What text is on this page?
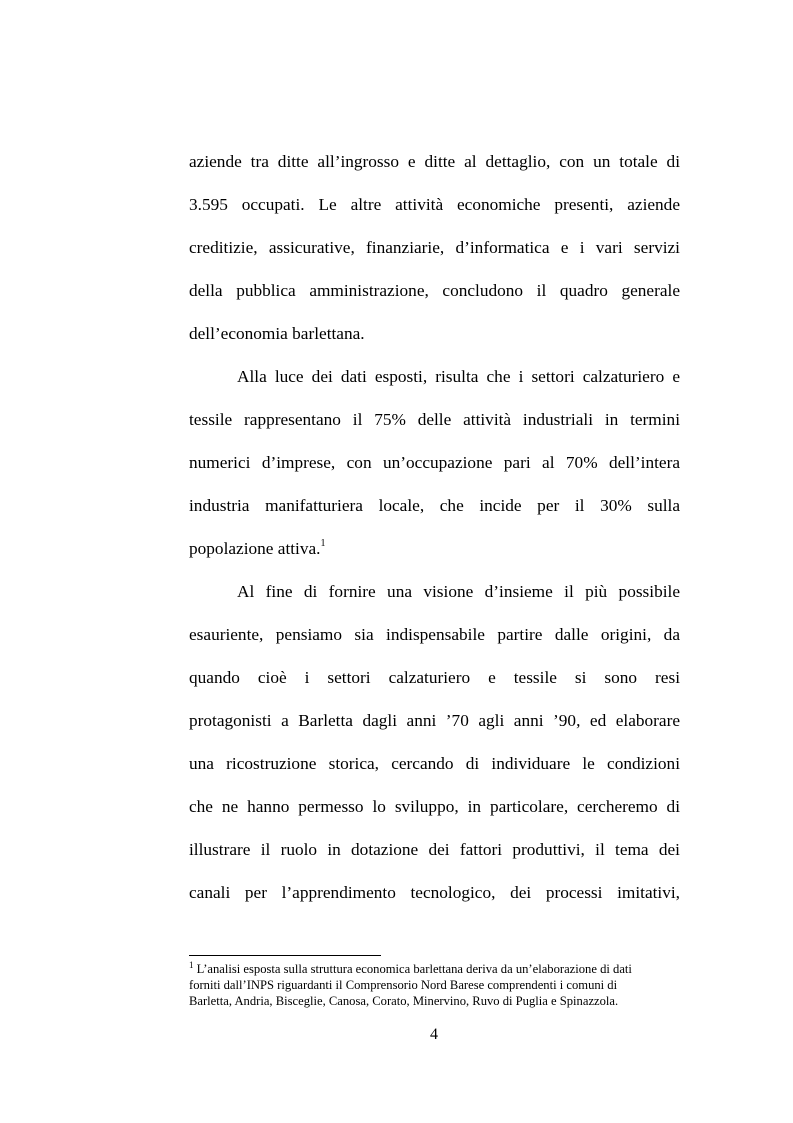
aziende tra ditte all’ingrosso e ditte al dettaglio, con un totale di
3.595 occupati. Le altre attività economiche presenti, aziende
creditizie, assicurative, finanziarie, d’informatica e i vari servizi
della pubblica amministrazione, concludono il quadro generale
dell’economia barlettana.
Alla luce dei dati esposti, risulta che i settori calzaturiero e
tessile rappresentano il 75% delle attività industriali in termini
numerici d’imprese, con un’occupazione pari al 70% dell’intera
industria manifatturiera locale, che incide per il 30% sulla
popolazione attiva.$^1$
Al fine di fornire una visione d’insieme il più possibile
esauriente, pensiamo sia indispensabile partire dalle origini, da
quando cioè i settori calzaturiero e tessile si sono resi
protagonisti a Barletta dagli anni ’70 agli anni ’90, ed elaborare
una ricostruzione storica, cercando di individuare le condizioni
che ne hanno permesso lo sviluppo, in particolare, cercheremo di
illustrare il ruolo in dotazione dei fattori produttivi, il tema dei
canali per l’apprendimento tecnologico, dei processi imitativi,
$^1$ L’analisi esposta sulla struttura economica barlettana deriva da un’elaborazione di dati
forniti dall’INPS riguardanti il Comprensorio Nord Barese comprendenti i comuni di
Barletta, Andria, Bisceglie, Canosa, Corato, Minervino, Ruvo di Puglia e Spinazzola.
4
